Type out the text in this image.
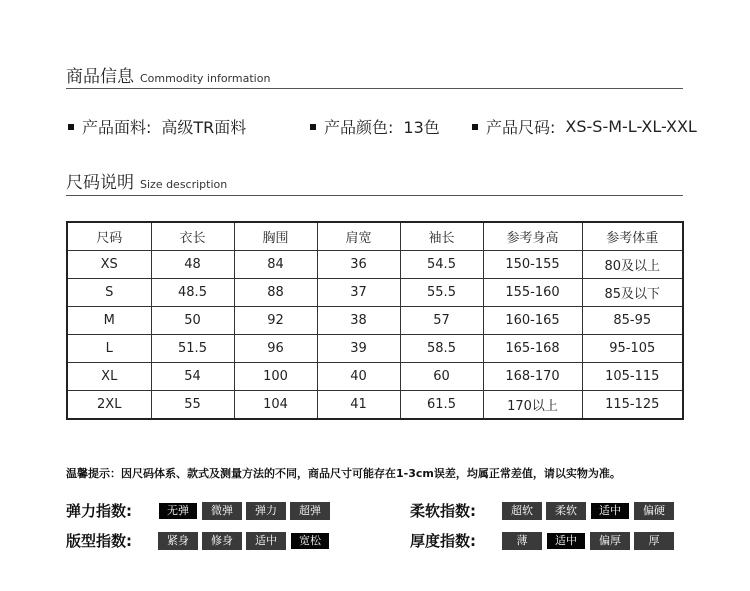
商品信息 Commodity information
产品面料: 高级TR面料	产品颜色: 13色	产品尺码: XS-S-M-L-XL-XXL
尺码说明 Size description
尺码	衣长	胸围	肩宽	袖长	参考身高	参考体重
XS	48	84	36	54.5	150-155	80及以上
S	48.5	88	37	55.5	155-160	85及以下
M	50	92	38	57	160-165	85-95
L	51.5	96	39	58.5	165-168	95-105
XL	54	100	40	60	168-170	105-115
2XL	55	104	41	61.5	170以上	115-125
温馨提示：因尺码体系、款式及测量方法的不同，商品尺寸可能存在1-3cm误差，均属正常差值，请以实物为准。
弹力指数:	无弹	微弹	弹力	超弹	柔软指数:	超软	柔软	适中	偏硬
版型指数:	紧身	修身	适中	宽松	厚度指数:	薄	适中	偏厚	厚
